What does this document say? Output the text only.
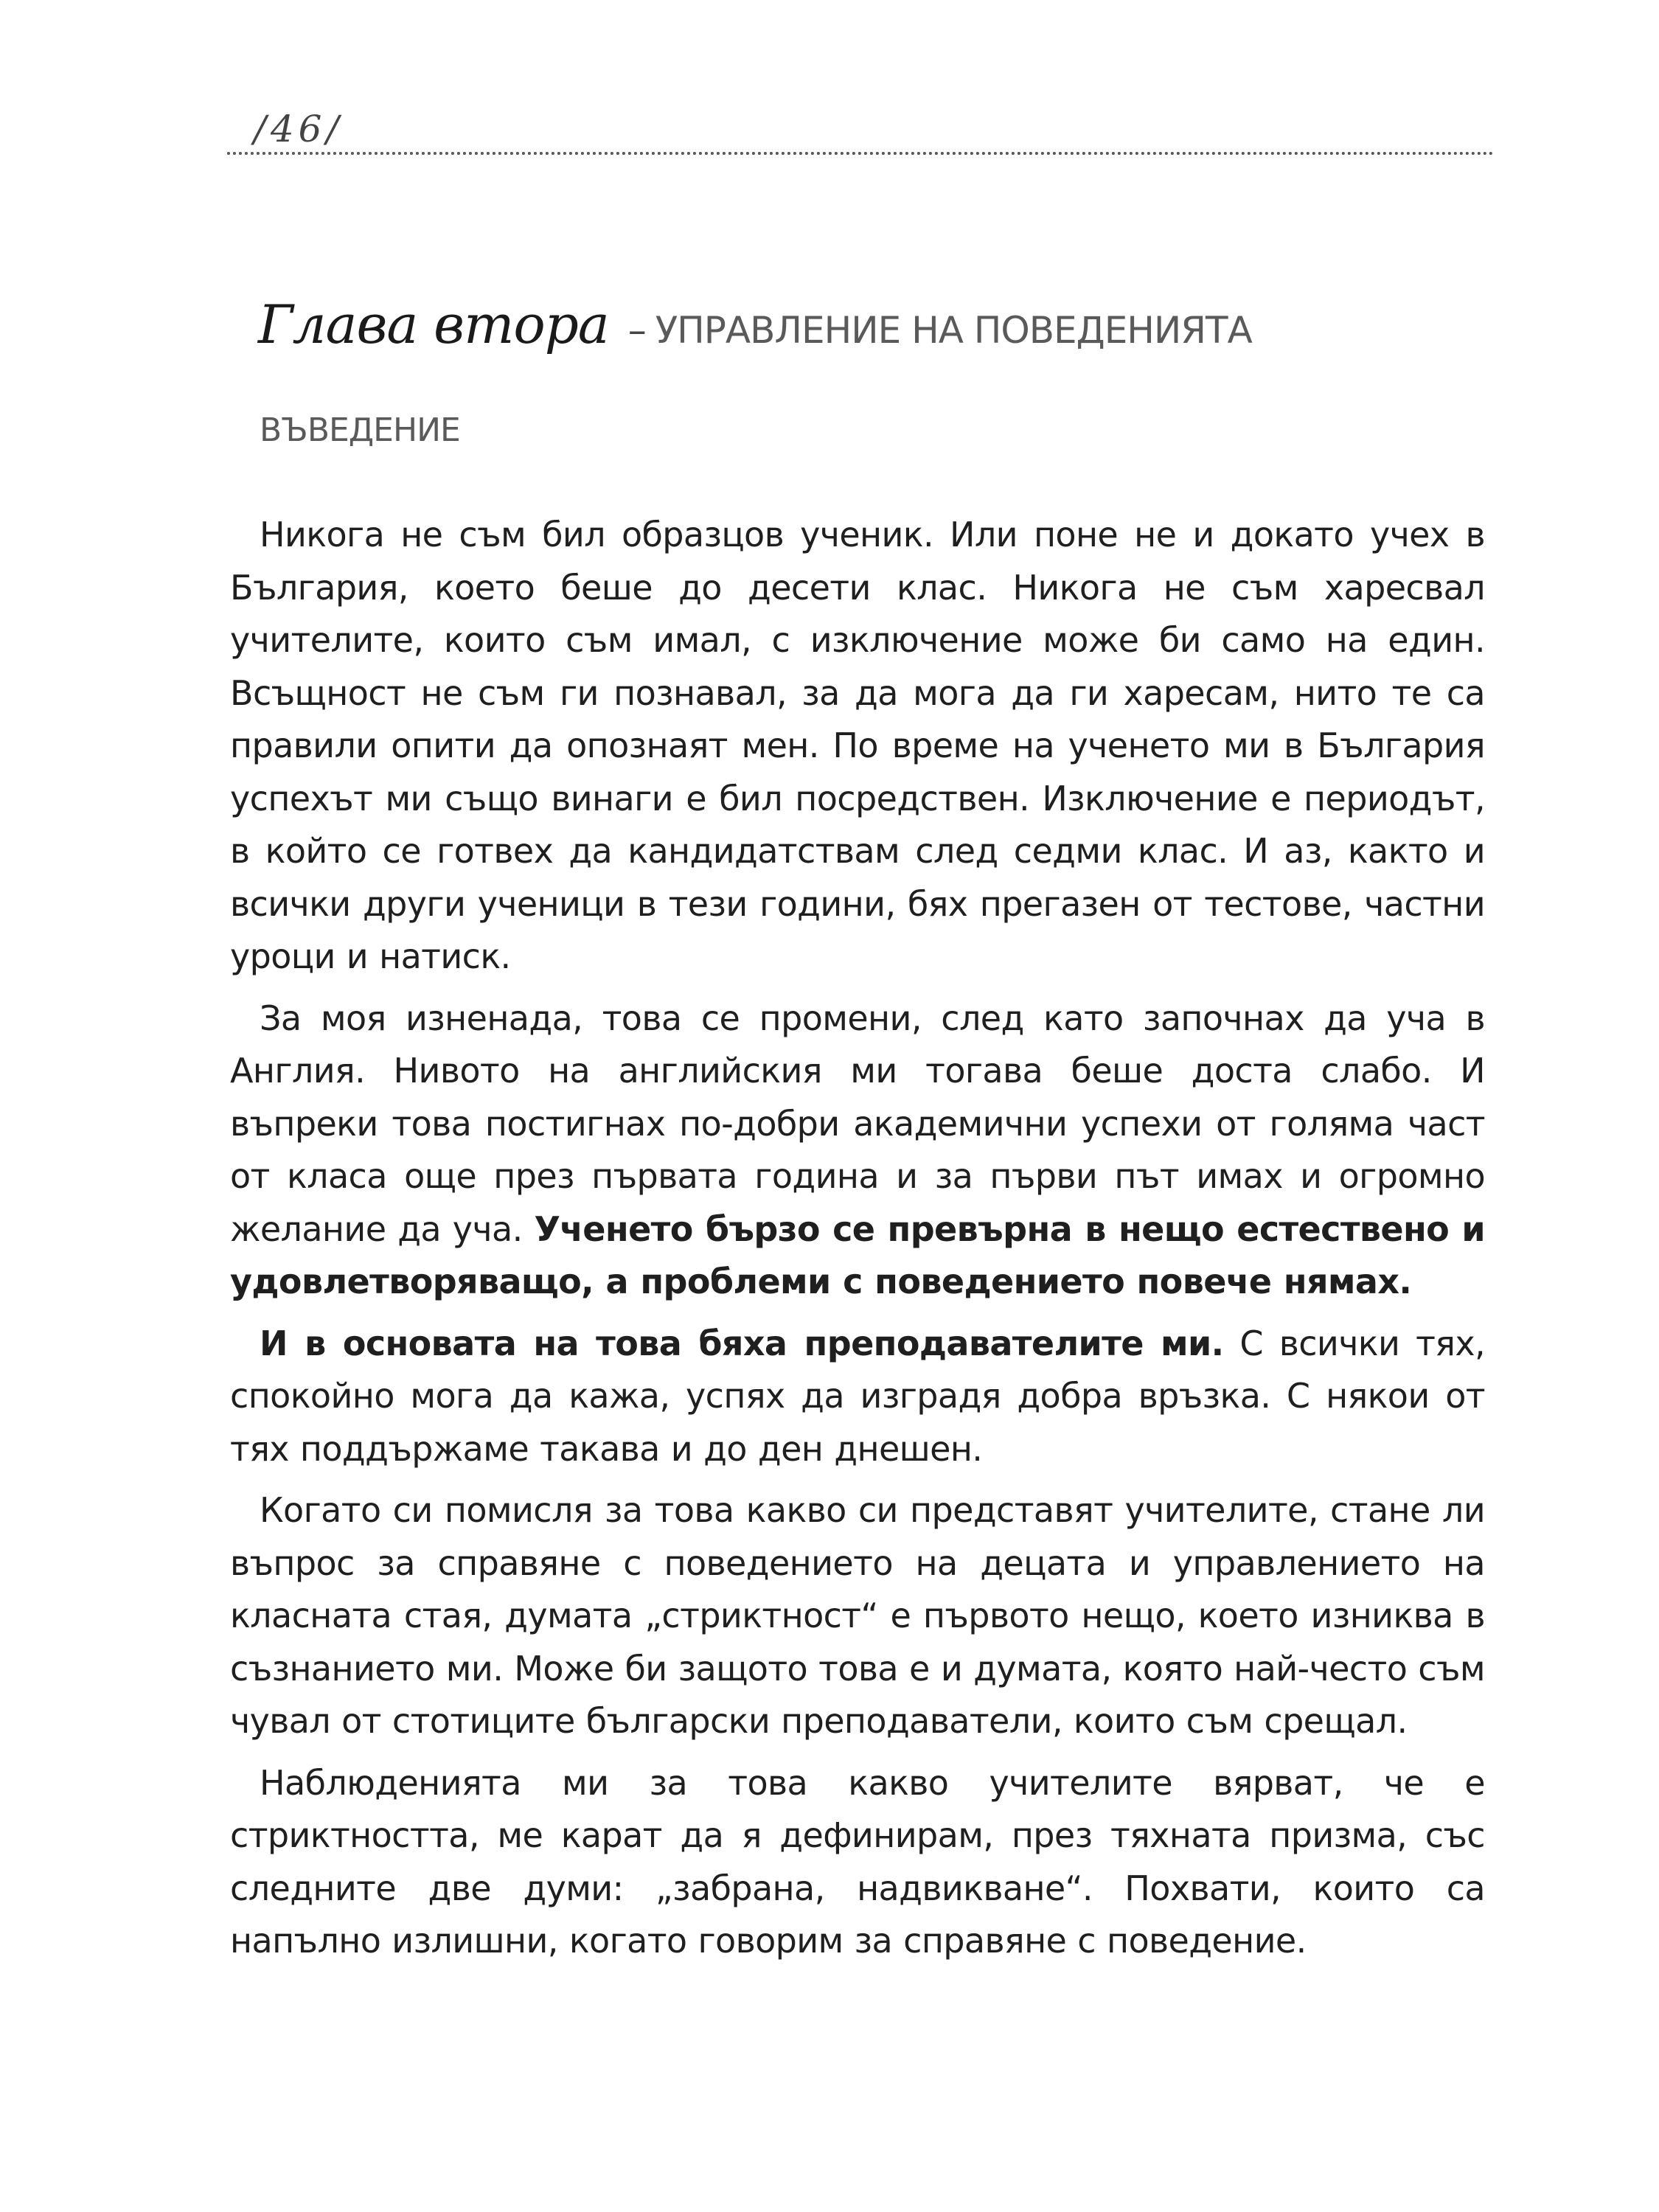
/46/
Глава втора – УПРАВЛЕНИЕ НА ПОВЕДЕНИЯТА
ВЪВЕДЕНИЕ

Никога не съм бил образцов ученик. Или поне не и докато учех в България, което беше до десети клас. Никога не съм харесвал учителите, които съм имал, с изключение може би само на един. Всъщност не съм ги познавал, за да мога да ги харесам, нито те са правили опити да опознаят мен. По време на ученето ми в България успехът ми също винаги е бил посредствен. Изключение е периодът, в който се готвех да кандидатствам след седми клас. И аз, както и всички други ученици в тези години, бях прегазен от тестове, частни уроци и натиск.

За моя изненада, това се промени, след като започнах да уча в Англия. Нивото на английския ми тогава беше доста слабо. И въпреки това постигнах по-добри академични успехи от голяма част от класа още през първата година и за първи път имах и огромно желание да уча. Ученето бързо се превърна в нещо естествено и удовлетворяващо, а проблеми с поведението повече нямах.

И в основата на това бяха преподавателите ми. С всички тях, спокойно мога да кажа, успях да изградя добра връзка. С някои от тях поддържаме такава и до ден днешен.

Когато си помисля за това какво си представят учителите, стане ли въпрос за справяне с поведението на децата и управлението на класната стая, думата „стриктност“ е първото нещо, което изниква в съзнанието ми. Може би защото това е и думата, която най-често съм чувал от стотиците български преподаватели, които съм срещал.

Наблюденията ми за това какво учителите вярват, че е стриктността, ме карат да я дефинирам, през тяхната призма, със следните две думи: „забрана, надвикване“. Похвати, които са напълно излишни, когато говорим за справяне с поведение.
